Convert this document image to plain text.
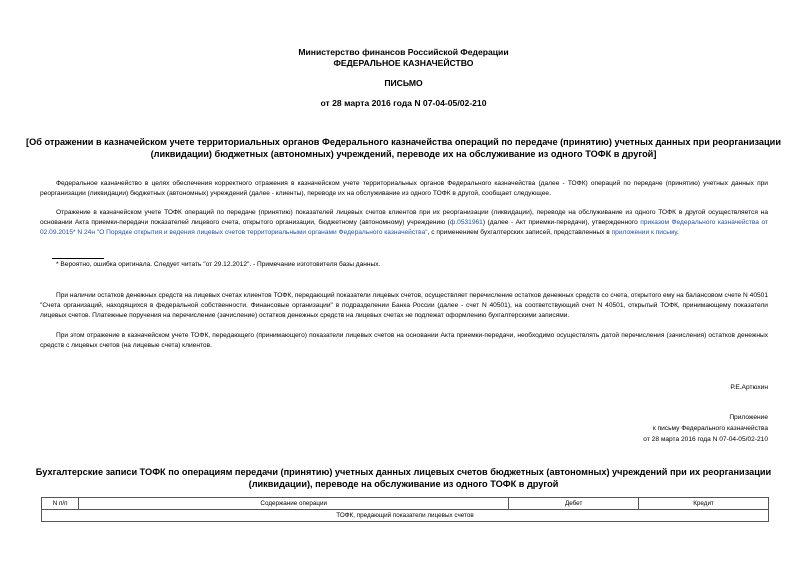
Министерство финансов Российской Федерации
ФЕДЕРАЛЬНОЕ КАЗНАЧЕЙСТВО
ПИСЬМО
от 28 марта 2016 года N 07-04-05/02-210
[Об отражении в казначейском учете территориальных органов Федерального казначейства операций по передаче (принятию) учетных данных при реорганизации
(ликвидации) бюджетных (автономных) учреждений, переводе их на обслуживание из одного ТОФК в другой]
Федеральное казначейство в целях обеспечения корректного отражения в казначейском учете территориальных органов Федерального казначейства (далее - ТОФК) операций по передаче (принятию) учетных данных при реорганизации (ликвидации) бюджетных (автономных) учреждений (далее - клиенты), переводе их на обслуживание из одного ТОФК в другой, сообщает следующее.
Отражение в казначейском учете ТОФК операций по передаче (принятию) показателей лицевых счетов клиентов при их реорганизации (ликвидации), переводе на обслуживание из одного ТОФК в другой осуществляется на основании Акта приемки-передачи показателей лицевого счета, открытого организации, бюджетному (автономному) учреждению (ф.0531961) (далее - Акт приемки-передачи), утвержденного приказом Федерального казначейства от 02.09.2015* N 24н "О Порядке открытия и ведения лицевых счетов территориальными органами Федерального казначейства", с применением бухгалтерских записей, представленных в приложении к письму.
* Вероятно, ошибка оригинала. Следует читать "от 29.12.2012". - Примечание изготовителя базы данных.
При наличии остатков денежных средств на лицевых счетах клиентов ТОФК, передающий показатели лицевых счетов, осуществляет перечисление остатков денежных средств со счета, открытого ему на балансовом счете N 40501 "Счета организаций, находящихся в федеральной собственности. Финансовые организации" в подразделении Банка России (далее - счет N 40501), на соответствующий счет N 40501, открытый ТОФК, принимающему показатели лицевых счетов. Платежные поручения на перечисление (зачисление) остатков денежных средств на лицевых счетах не подлежат оформлению бухгалтерскими записями.
При этом отражение в казначейском учете ТОФК, передающего (принимающего) показатели лицевых счетов на основании Акта приемки-передачи, необходимо осуществлять датой перечисления (зачисления) остатков денежных средств с лицевых счетов (на лицевые счета) клиентов.
Р.Е.Артюхин
Приложение
к письму Федерального казначейства
от 28 марта 2016 года N 07-04-05/02-210
Бухгалтерские записи ТОФК по операциям передачи (принятию) учетных данных лицевых счетов бюджетных (автономных) учреждений при их реорганизации
(ликвидации), переводе на обслуживание из одного ТОФК в другой
N п/п	Содержание операции	Дебет	Кредит
ТОФК, предающий показатели лицевых счетов
